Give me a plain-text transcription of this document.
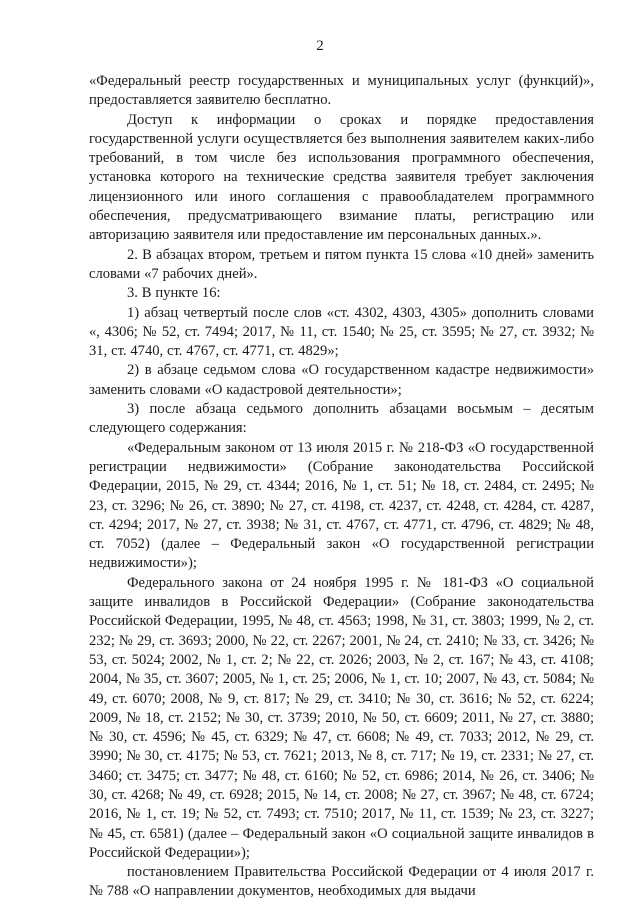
2

«Федеральный реестр государственных и муниципальных услуг (функций)», предоставляется заявителю бесплатно.

Доступ к информации о сроках и порядке предоставления государственной услуги осуществляется без выполнения заявителем каких-либо требований, в том числе без использования программного обеспечения, установка которого на технические средства заявителя требует заключения лицензионного или иного соглашения с правообладателем программного обеспечения, предусматривающего взимание платы, регистрацию или авторизацию заявителя или предоставление им персональных данных.».

2. В абзацах втором, третьем и пятом пункта 15 слова «10 дней» заменить словами «7 рабочих дней».

3. В пункте 16:

1) абзац четвертый после слов «ст. 4302, 4303, 4305» дополнить словами «, 4306; № 52, ст. 7494; 2017, № 11, ст. 1540; № 25, ст. 3595; № 27, ст. 3932; № 31, ст. 4740, ст. 4767, ст. 4771, ст. 4829»;

2) в абзаце седьмом слова «О государственном кадастре недвижимости» заменить словами «О кадастровой деятельности»;

3) после абзаца седьмого дополнить абзацами восьмым – десятым следующего содержания:

«Федеральным законом от 13 июля 2015 г. № 218-ФЗ «О государственной регистрации недвижимости» (Собрание законодательства Российской Федерации, 2015, № 29, ст. 4344; 2016, № 1, ст. 51; № 18, ст. 2484, ст. 2495; № 23, ст. 3296; № 26, ст. 3890; № 27, ст. 4198, ст. 4237, ст. 4248, ст. 4284, ст. 4287, ст. 4294; 2017, № 27, ст. 3938; № 31, ст. 4767, ст. 4771, ст. 4796, ст. 4829; № 48, ст. 7052) (далее – Федеральный закон «О государственной регистрации недвижимости»);

Федерального закона от 24 ноября 1995 г. № 181-ФЗ «О социальной защите инвалидов в Российской Федерации» (Собрание законодательства Российской Федерации, 1995, № 48, ст. 4563; 1998, № 31, ст. 3803; 1999, № 2, ст. 232; № 29, ст. 3693; 2000, № 22, ст. 2267; 2001, № 24, ст. 2410; № 33, ст. 3426; № 53, ст. 5024; 2002, № 1, ст. 2; № 22, ст. 2026; 2003, № 2, ст. 167; № 43, ст. 4108; 2004, № 35, ст. 3607; 2005, № 1, ст. 25; 2006, № 1, ст. 10; 2007, № 43, ст. 5084; № 49, ст. 6070; 2008, № 9, ст. 817; № 29, ст. 3410; № 30, ст. 3616; № 52, ст. 6224; 2009, № 18, ст. 2152; № 30, ст. 3739; 2010, № 50, ст. 6609; 2011, № 27, ст. 3880; № 30, ст. 4596; № 45, ст. 6329; № 47, ст. 6608; № 49, ст. 7033; 2012, № 29, ст. 3990; № 30, ст. 4175; № 53, ст. 7621; 2013, № 8, ст. 717; № 19, ст. 2331; № 27, ст. 3460; ст. 3475; ст. 3477; № 48, ст. 6160; № 52, ст. 6986; 2014, № 26, ст. 3406; № 30, ст. 4268; № 49, ст. 6928; 2015, № 14, ст. 2008; № 27, ст. 3967; № 48, ст. 6724; 2016, № 1, ст. 19; № 52, ст. 7493; ст. 7510; 2017, № 11, ст. 1539; № 23, ст. 3227; № 45, ст. 6581) (далее – Федеральный закон «О социальной защите инвалидов в Российской Федерации»);

постановлением Правительства Российской Федерации от 4 июля 2017 г. № 788 «О направлении документов, необходимых для выдачи
